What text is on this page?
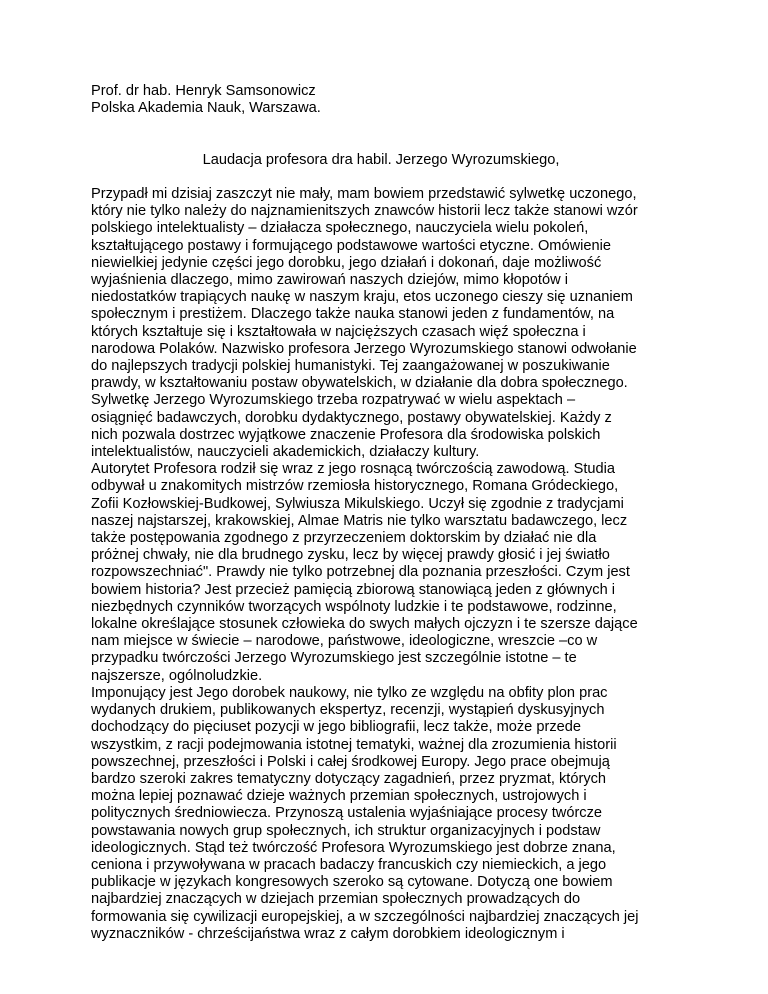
Prof. dr hab. Henryk Samsonowicz
Polska Akademia Nauk, Warszawa.
Laudacja profesora dra habil. Jerzego Wyrozumskiego,
Przypadł mi dzisiaj zaszczyt nie mały, mam bowiem przedstawić sylwetkę uczonego,
który nie tylko należy do najznamienitszych znawców historii lecz także stanowi wzór
polskiego intelektualisty – działacza społecznego, nauczyciela wielu pokoleń,
kształtującego postawy i formującego podstawowe wartości etyczne. Omówienie
niewielkiej jedynie części jego dorobku, jego działań i dokonań, daje możliwość
wyjaśnienia dlaczego, mimo zawirowań naszych dziejów, mimo kłopotów i
niedostatków trapiących naukę w naszym kraju, etos uczonego cieszy się uznaniem
społecznym i prestiżem. Dlaczego także nauka stanowi jeden z fundamentów, na
których kształtuje się i kształtowała w najcięższych czasach więź społeczna i
narodowa Polaków. Nazwisko profesora Jerzego Wyrozumskiego stanowi odwołanie
do najlepszych tradycji polskiej humanistyki. Tej zaangażowanej w poszukiwanie
prawdy, w kształtowaniu postaw obywatelskich, w działanie dla dobra społecznego.
Sylwetkę Jerzego Wyrozumskiego trzeba rozpatrywać w wielu aspektach –
osiągnięć badawczych, dorobku dydaktycznego, postawy obywatelskiej. Każdy z
nich pozwala dostrzec wyjątkowe znaczenie Profesora dla środowiska polskich
intelektualistów, nauczycieli akademickich, działaczy kultury.
Autorytet Profesora rodził się wraz z jego rosnącą twórczością zawodową. Studia
odbywał u znakomitych mistrzów rzemiosła historycznego, Romana Gródeckiego,
Zofii Kozłowskiej-Budkowej, Sylwiusza Mikulskiego. Uczył się zgodnie z tradycjami
naszej najstarszej, krakowskiej, Almae Matris nie tylko warsztatu badawczego, lecz
także postępowania zgodnego z przyrzeczeniem doktorskim by działać nie dla
próżnej chwały, nie dla brudnego zysku, lecz by więcej prawdy głosić i jej światło
rozpowszechniać". Prawdy nie tylko potrzebnej dla poznania przeszłości. Czym jest
bowiem historia? Jest przecież pamięcią zbiorową stanowiącą jeden z głównych i
niezbędnych czynników tworzących wspólnoty ludzkie i te podstawowe, rodzinne,
lokalne określające stosunek człowieka do swych małych ojczyzn i te szersze dające
nam miejsce w świecie – narodowe, państwowe, ideologiczne, wreszcie –co w
przypadku twórczości Jerzego Wyrozumskiego jest szczególnie istotne – te
najszersze, ogólnoludzkie.
Imponujący jest Jego dorobek naukowy, nie tylko ze względu na obfity plon prac
wydanych drukiem, publikowanych ekspertyz, recenzji, wystąpień dyskusyjnych
dochodzący do pięciuset pozycji w jego bibliografii, lecz także, może przede
wszystkim, z racji podejmowania istotnej tematyki, ważnej dla zrozumienia historii
powszechnej, przeszłości i Polski i całej środkowej Europy. Jego prace obejmują
bardzo szeroki zakres tematyczny dotyczący zagadnień, przez pryzmat, których
można lepiej poznawać dzieje ważnych przemian społecznych, ustrojowych i
politycznych średniowiecza. Przynoszą ustalenia wyjaśniające procesy twórcze
powstawania nowych grup społecznych, ich struktur organizacyjnych i podstaw
ideologicznych. Stąd też twórczość Profesora Wyrozumskiego jest dobrze znana,
ceniona i przywoływana w pracach badaczy francuskich czy niemieckich, a jego
publikacje w językach kongresowych szeroko są cytowane. Dotyczą one bowiem
najbardziej znaczących w dziejach przemian społecznych prowadzących do
formowania się cywilizacji europejskiej, a w szczególności najbardziej znaczących jej
wyznaczników - chrześcijaństwa wraz z całym dorobkiem ideologicznym i
